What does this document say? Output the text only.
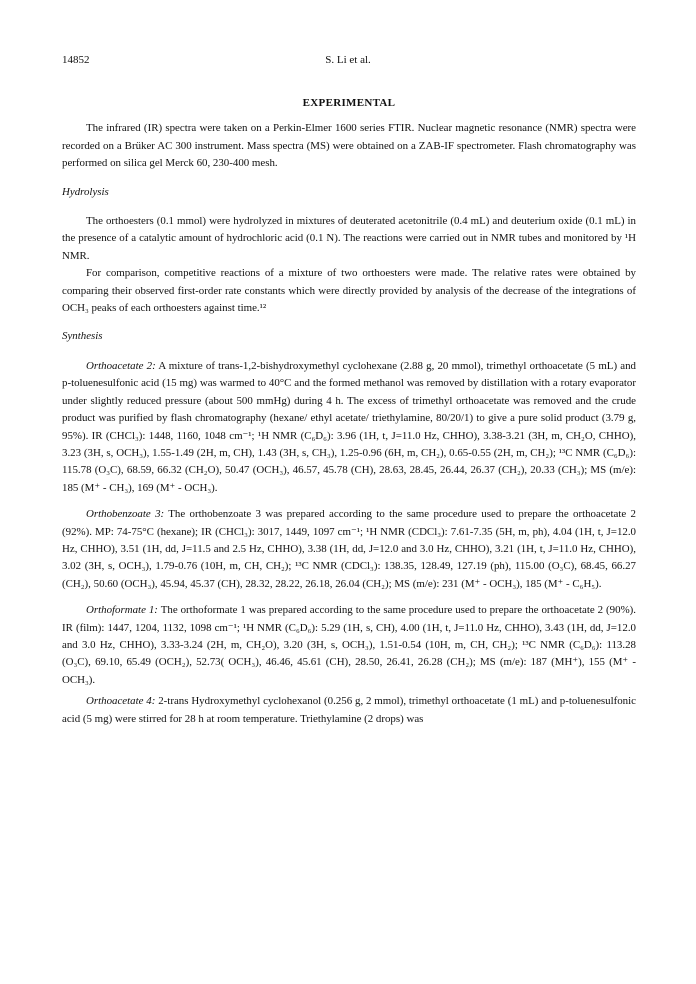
14852	S. Li et al.
EXPERIMENTAL

The infrared (IR) spectra were taken on a Perkin-Elmer 1600 series FTIR. Nuclear magnetic resonance (NMR) spectra were recorded on a Brüker AC 300 instrument. Mass spectra (MS) were obtained on a ZAB-IF spectrometer. Flash chromatography was performed on silica gel Merck 60, 230-400 mesh.

Hydrolysis

The orthoesters (0.1 mmol) were hydrolyzed in mixtures of deuterated acetonitrile (0.4 mL) and deuterium oxide (0.1 mL) in the presence of a catalytic amount of hydrochloric acid (0.1 N). The reactions were carried out in NMR tubes and monitored by ¹H NMR.

For comparison, competitive reactions of a mixture of two orthoesters were made. The relative rates were obtained by comparing their observed first-order rate constants which were directly provided by analysis of the decrease of the integrations of OCH₃ peaks of each orthoesters against time.¹²

Synthesis

Orthoacetate 2: A mixture of trans-1,2-bishydroxymethyl cyclohexane (2.88 g, 20 mmol), trimethyl orthoacetate (5 mL) and p-toluenesulfonic acid (15 mg) was warmed to 40°C and the formed methanol was removed by distillation with a rotary evaporator under slightly reduced pressure (about 500 mmHg) during 4 h. The excess of trimethyl orthoacetate was removed and the crude product was purified by flash chromatography (hexane/ ethyl acetate/ triethylamine, 80/20/1) to give a pure solid product (3.79 g, 95%). IR (CHCl₃): 1448, 1160, 1048 cm⁻¹; ¹H NMR (C₆D₆): 3.96 (1H, t, J=11.0 Hz, CHHO), 3.38-3.21 (3H, m, CH₂O, CHHO), 3.23 (3H, s, OCH₃), 1.55-1.49 (2H, m, CH), 1.43 (3H, s, CH₃), 1.25-0.96 (6H, m, CH₂), 0.65-0.55 (2H, m, CH₂); ¹³C NMR (C₆D₆): 115.78 (O₃C), 68.59, 66.32 (CH₂O), 50.47 (OCH₃), 46.57, 45.78 (CH), 28.63, 28.45, 26.44, 26.37 (CH₂), 20.33 (CH₃); MS (m/e): 185 (M⁺ - CH₃), 169 (M⁺ - OCH₃).

Orthobenzoate 3: The orthobenzoate 3 was prepared according to the same procedure used to prepare the orthoacetate 2 (92%). MP: 74-75°C (hexane); IR (CHCl₃): 3017, 1449, 1097 cm⁻¹; ¹H NMR (CDCl₃): 7.61-7.35 (5H, m, ph), 4.04 (1H, t, J=12.0 Hz, CHHO), 3.51 (1H, dd, J=11.5 and 2.5 Hz, CHHO), 3.38 (1H, dd, J=12.0 and 3.0 Hz, CHHO), 3.21 (1H, t, J=11.0 Hz, CHHO), 3.02 (3H, s, OCH₃), 1.79-0.76 (10H, m, CH, CH₂); ¹³C NMR (CDCl₃): 138.35, 128.49, 127.19 (ph), 115.00 (O₃C), 68.45, 66.27 (CH₂), 50.60 (OCH₃), 45.94, 45.37 (CH), 28.32, 28.22, 26.18, 26.04 (CH₂); MS (m/e): 231 (M⁺ - OCH₃), 185 (M⁺ - C₆H₅).

Orthoformate 1: The orthoformate 1 was prepared according to the same procedure used to prepare the orthoacetate 2 (90%). IR (film): 1447, 1204, 1132, 1098 cm⁻¹; ¹H NMR (C₆D₆): 5.29 (1H, s, CH), 4.00 (1H, t, J=11.0 Hz, CHHO), 3.43 (1H, dd, J=12.0 and 3.0 Hz, CHHO), 3.33-3.24 (2H, m, CH₂O), 3.20 (3H, s, OCH₃), 1.51-0.54 (10H, m, CH, CH₂); ¹³C NMR (C₆D₆): 113.28 (O₃C), 69.10, 65.49 (OCH₂), 52.73( OCH₃), 46.46, 45.61 (CH), 28.50, 26.41, 26.28 (CH₂); MS (m/e): 187 (MH⁺), 155 (M⁺ - OCH₃).

Orthoacetate 4: 2-trans Hydroxymethyl cyclohexanol (0.256 g, 2 mmol), trimethyl orthoacetate (1 mL) and p-toluenesulfonic acid (5 mg) were stirred for 28 h at room temperature. Triethylamine (2 drops) was
